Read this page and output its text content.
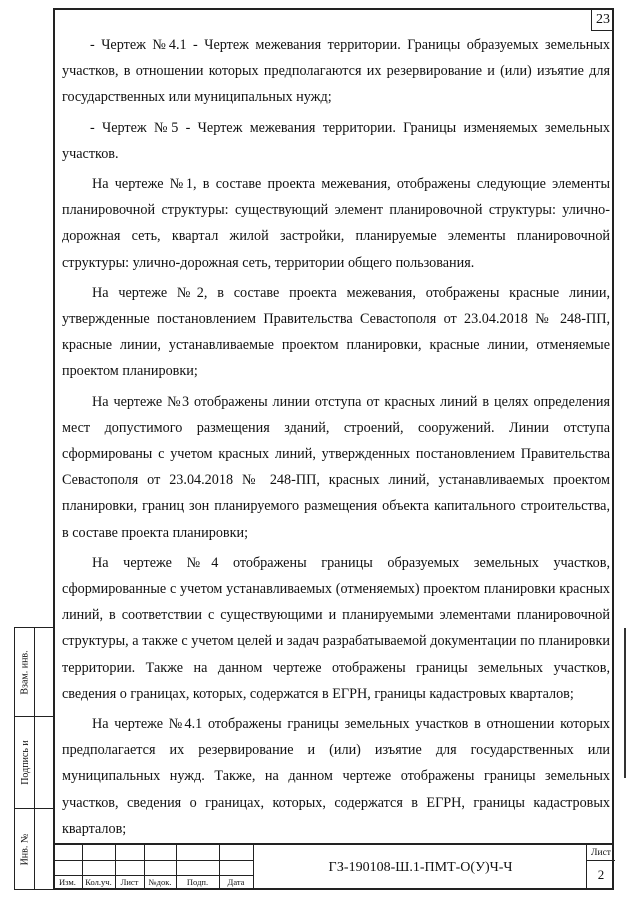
23

- Чертеж №4.1 - Чертеж межевания территории. Границы образуемых земельных участков, в отношении которых предполагаются их резервирование и (или) изъятие для государственных или муниципальных нужд;

- Чертеж №5 - Чертеж межевания территории. Границы изменяемых земельных участков.

На чертеже №1, в составе проекта межевания, отображены следующие элементы планировочной структуры: существующий элемент планировочной структуры: улично-дорожная сеть, квартал жилой застройки, планируемые элементы планировочной структуры: улично-дорожная сеть, территории общего пользования.

На чертеже №2, в составе проекта межевания, отображены красные линии, утвержденные постановлением Правительства Севастополя от 23.04.2018 № 248-ПП, красные линии, устанавливаемые проектом планировки, красные линии, отменяемые проектом планировки;

На чертеже №3 отображены линии отступа от красных линий в целях определения мест допустимого размещения зданий, строений, сооружений. Линии отступа сформированы с учетом красных линий, утвержденных постановлением Правительства Севастополя от 23.04.2018 № 248-ПП, красных линий, устанавливаемых проектом планировки, границ зон планируемого размещения объекта капитального строительства, в составе проекта планировки;

На чертеже №4 отображены границы образуемых земельных участков, сформированные с учетом устанавливаемых (отменяемых) проектом планировки красных линий, в соответствии с существующими и планируемыми элементами планировочной структуры, а также с учетом целей и задач разрабатываемой документации по планировки территории. Также на данном чертеже отображены границы земельных участков, сведения о границах, которых, содержатся в ЕГРН, границы кадастровых кварталов;

На чертеже №4.1 отображены границы земельных участков в отношении которых предполагается их резервирование и (или) изъятие для государственных или муниципальных нужд. Также, на данном чертеже отображены границы земельных участков, сведения о границах, которых, содержатся в ЕГРН, границы кадастровых кварталов;

Взам. инв.
Подпись и
Инв. №
Изм.	Кол.уч.	Лист	№док.	Подп.	Дата
ГЗ-190108-Ш.1-ПМТ-О(У)Ч-Ч
Лист
2
